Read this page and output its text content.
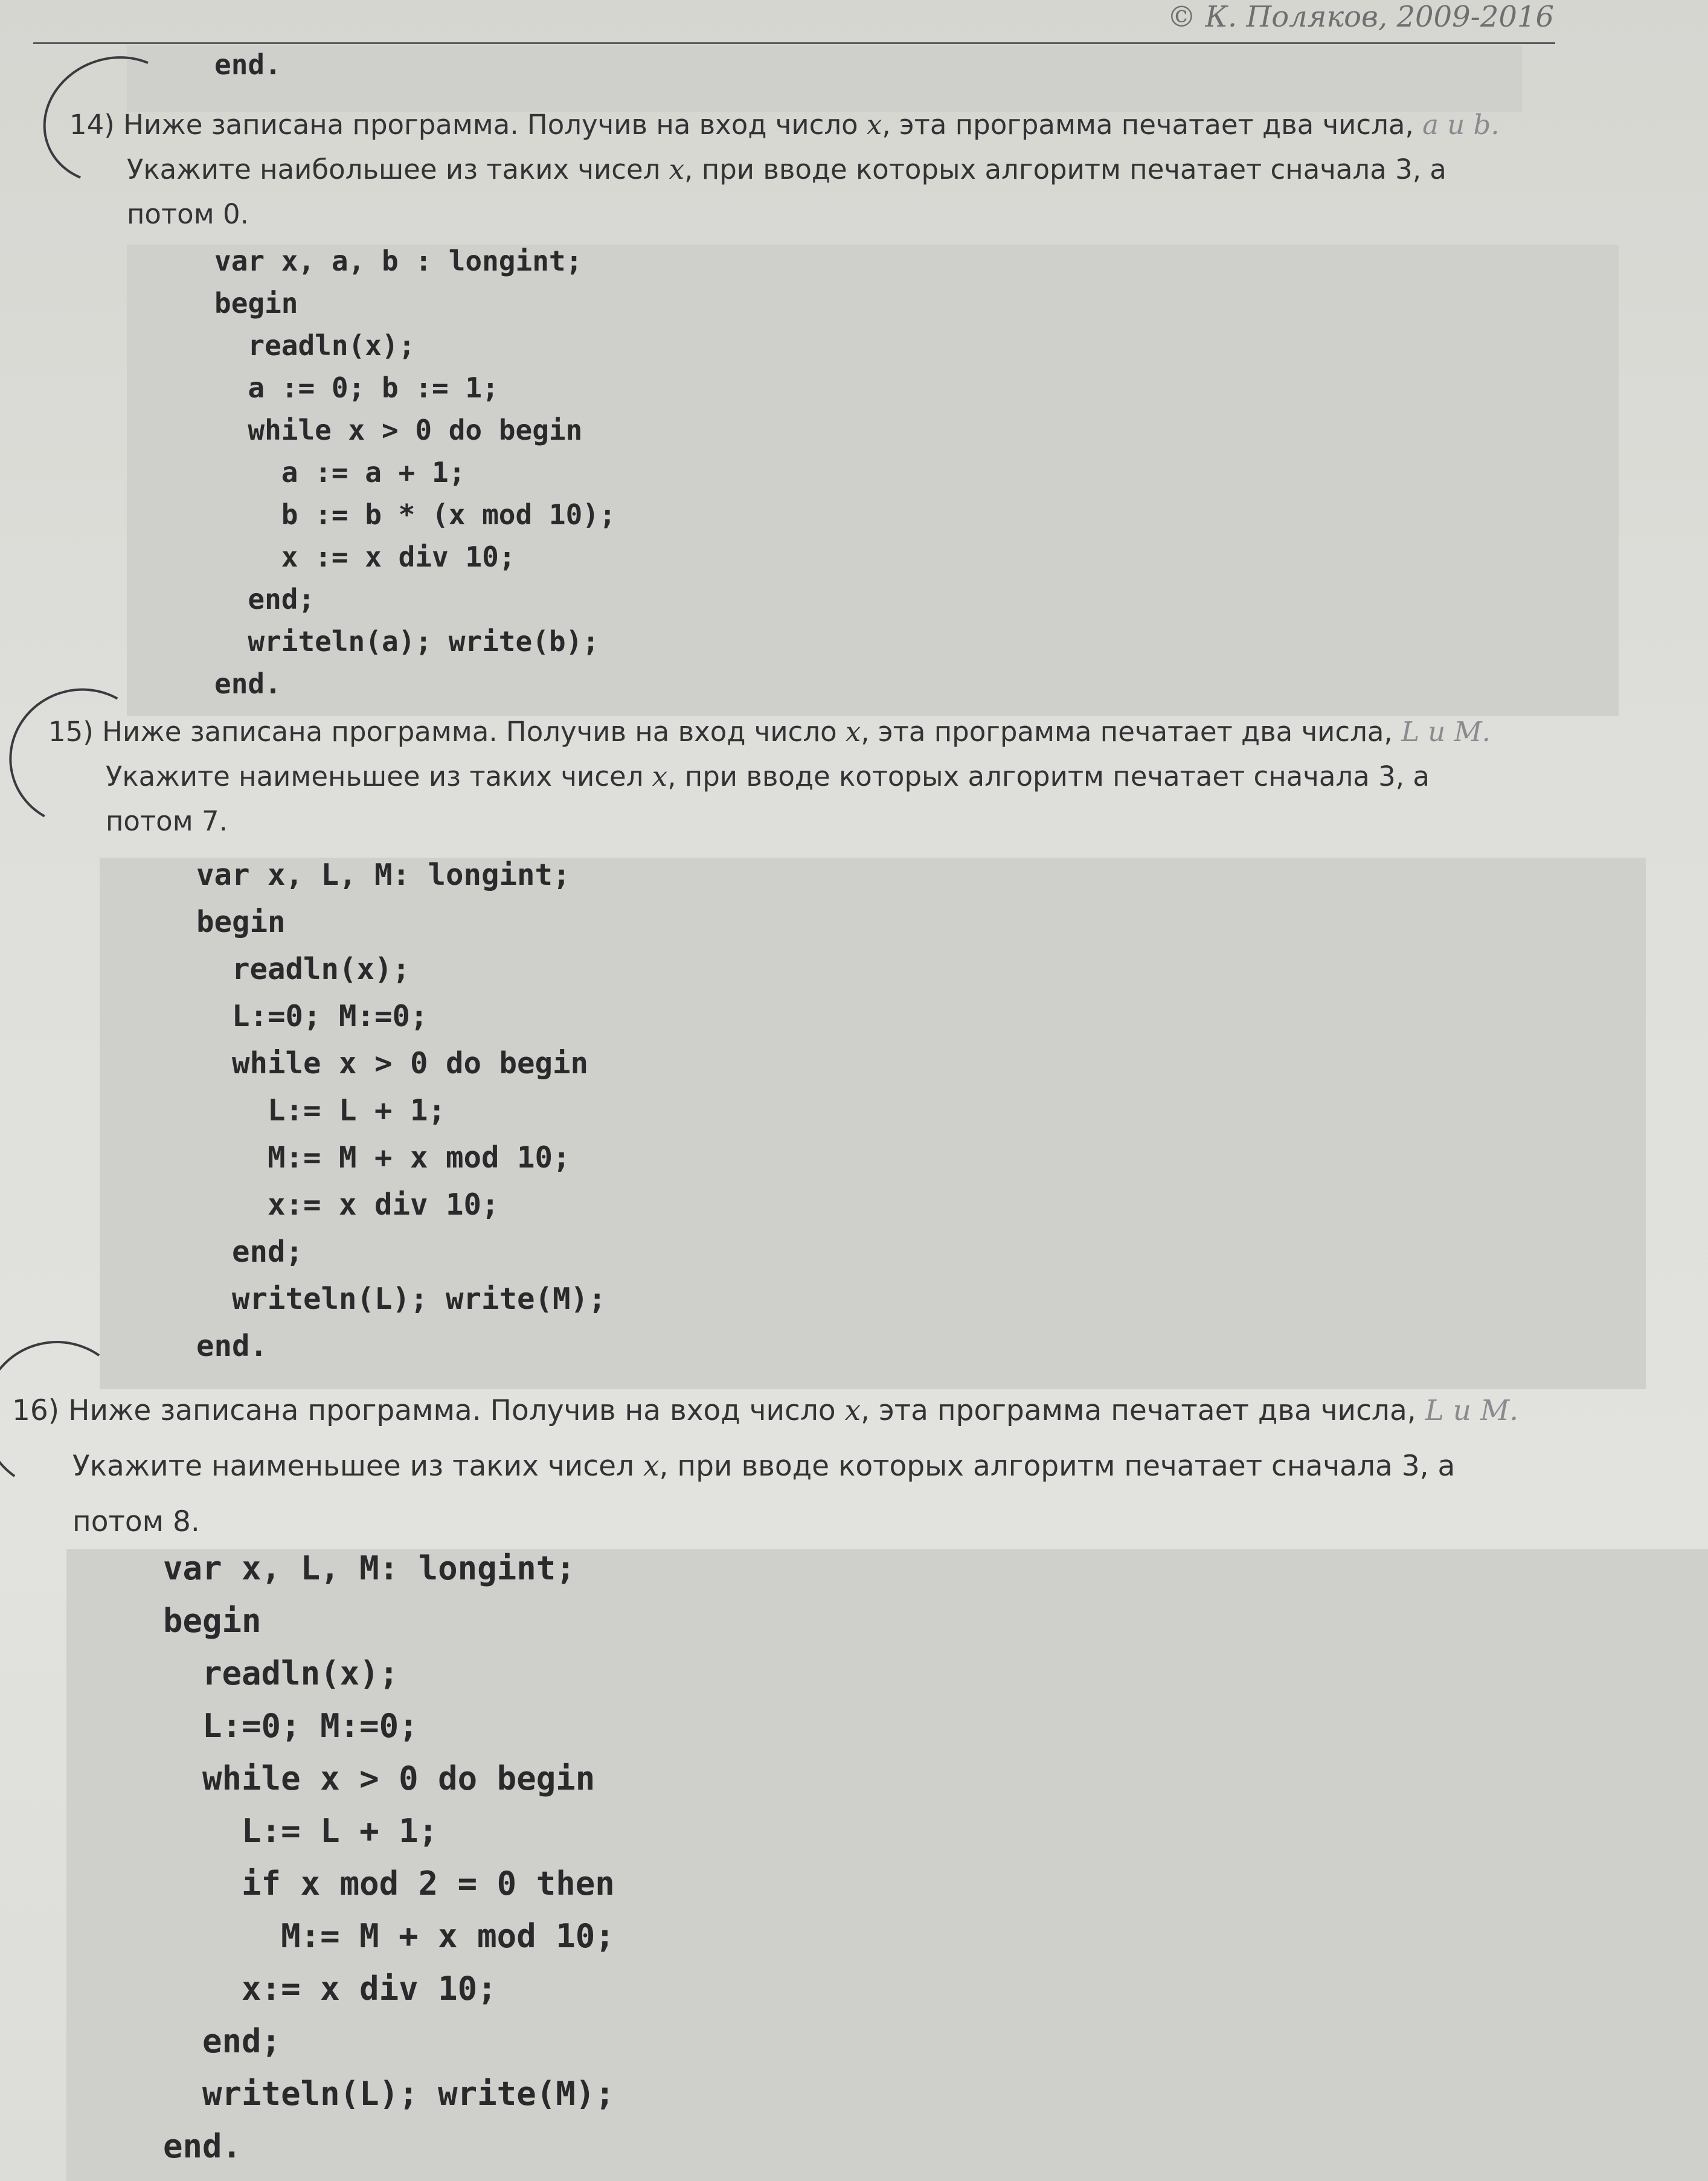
© К. Поляков, 2009-2016
end.
14) Ниже записана программа. Получив на вход число x, эта программа печатает два числа, a и b.
Укажите наибольшее из таких чисел x, при вводе которых алгоритм печатает сначала 3, а
потом 0.
var x, a, b : longint;
begin
readln(x);
a := 0; b := 1;
while x > 0 do begin
a := a + 1;
b := b * (x mod 10);
x := x div 10;
end;
writeln(a); write(b);
end.
15) Ниже записана программа. Получив на вход число x, эта программа печатает два числа, L и M.
Укажите наименьшее из таких чисел x, при вводе которых алгоритм печатает сначала 3, а
потом 7.
var x, L, M: longint;
begin
readln(x);
L:=0; M:=0;
while x > 0 do begin
L:= L + 1;
M:= M + x mod 10;
x:= x div 10;
end;
writeln(L); write(M);
end.
16) Ниже записана программа. Получив на вход число x, эта программа печатает два числа, L и M.
Укажите наименьшее из таких чисел x, при вводе которых алгоритм печатает сначала 3, а
потом 8.
var x, L, M: longint;
begin
readln(x);
L:=0; M:=0;
while x > 0 do begin
L:= L + 1;
if x mod 2 = 0 then
M:= M + x mod 10;
x:= x div 10;
end;
writeln(L); write(M);
end.
